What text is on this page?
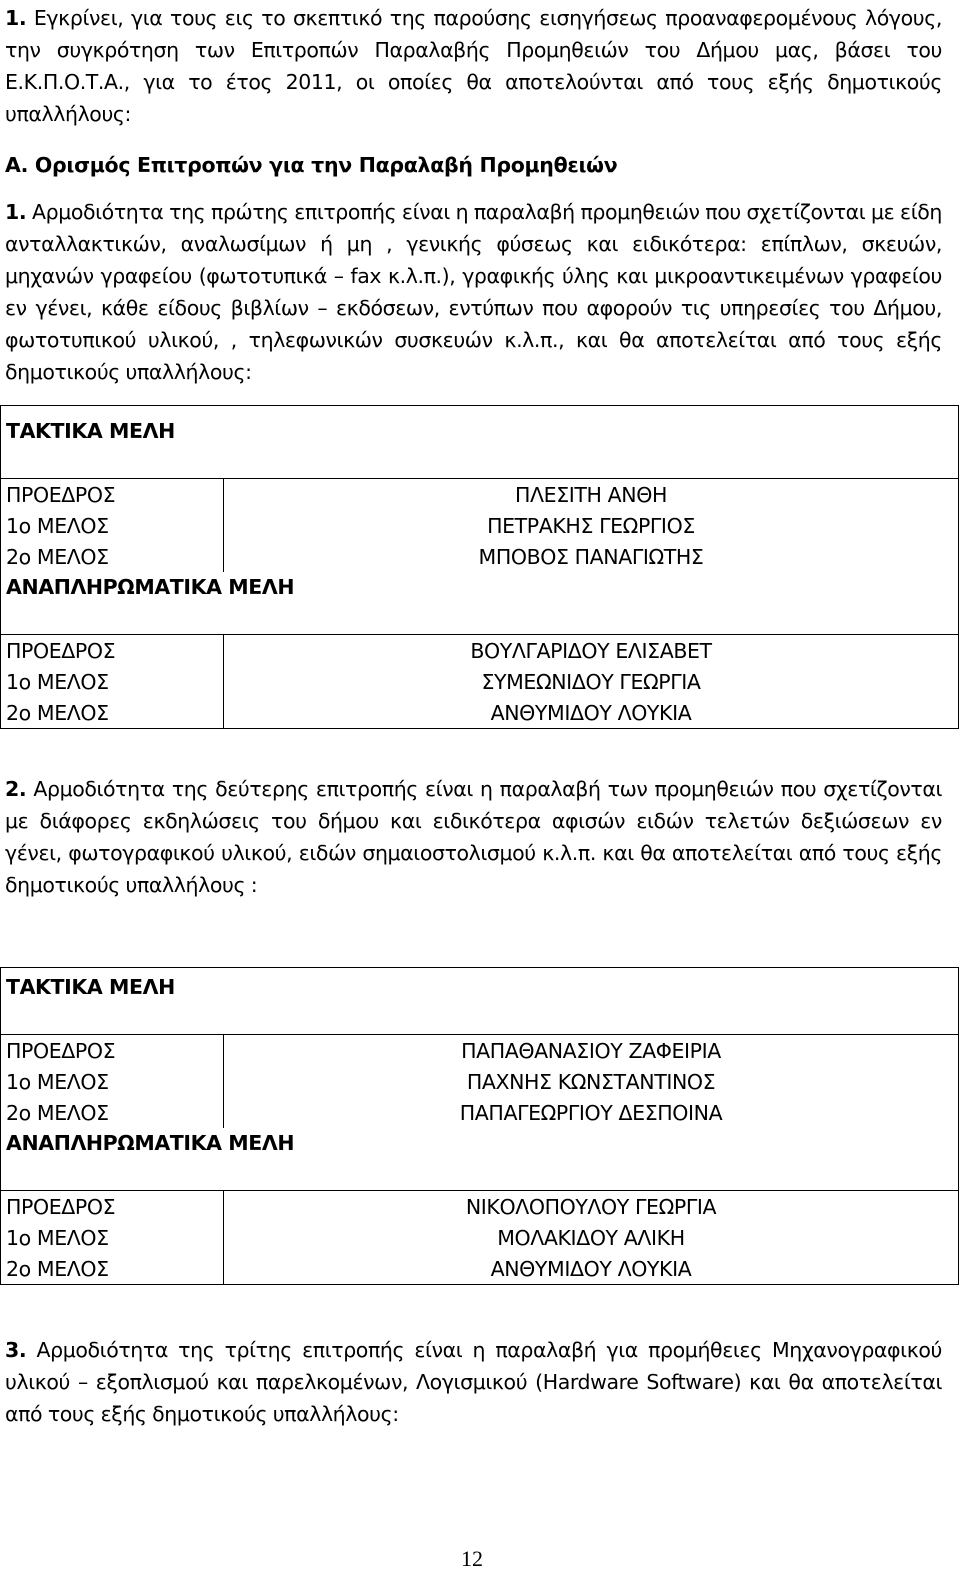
1. Εγκρίνει, για τους εις το σκεπτικό της παρούσης εισηγήσεως προαναφερομένους λόγους, την συγκρότηση των Επιτροπών Παραλαβής Προμηθειών του Δήμου μας, βάσει του Ε.Κ.Π.Ο.Τ.Α., για το έτος 2011, οι οποίες θα αποτελούνται από τους εξής δημοτικούς υπαλλήλους:
Α. Ορισμός Επιτροπών για την Παραλαβή Προμηθειών
1. Αρμοδιότητα της πρώτης επιτροπής είναι η παραλαβή προμηθειών που σχετίζονται με είδη ανταλλακτικών, αναλωσίμων ή μη , γενικής φύσεως και ειδικότερα: επίπλων, σκευών, μηχανών γραφείου (φωτοτυπικά – fax κ.λ.π.), γραφικής ύλης και μικροαντικειμένων γραφείου εν γένει, κάθε είδους βιβλίων – εκδόσεων, εντύπων που αφορούν τις υπηρεσίες του Δήμου, φωτοτυπικού υλικού, , τηλεφωνικών συσκευών κ.λ.π., και θα αποτελείται από τους εξής δημοτικούς υπαλλήλους:
ΤΑΚΤΙΚΑ ΜΕΛΗ	
ΠΡΟΕΔΡΟΣ	ΠΛΕΣΙΤΗ ΑΝΘΗ
1ο ΜΕΛΟΣ	ΠΕΤΡΑΚΗΣ ΓΕΩΡΓΙΟΣ
2ο ΜΕΛΟΣ	ΜΠΟΒΟΣ ΠΑΝΑΓΙΩΤΗΣ
ΑΝΑΠΛΗΡΩΜΑΤΙΚΑ ΜΕΛΗ	
ΠΡΟΕΔΡΟΣ	ΒΟΥΛΓΑΡΙΔΟΥ ΕΛΙΣΑΒΕΤ
1ο ΜΕΛΟΣ	ΣΥΜΕΩΝΙΔΟΥ ΓΕΩΡΓΙΑ
2ο ΜΕΛΟΣ	ΑΝΘΥΜΙΔΟΥ ΛΟΥΚΙΑ
2. Αρμοδιότητα της δεύτερης επιτροπής είναι η παραλαβή των προμηθειών που σχετίζονται με διάφορες εκδηλώσεις του δήμου και ειδικότερα αφισών ειδών τελετών δεξιώσεων εν γένει, φωτογραφικού υλικού, ειδών σημαιοστολισμού κ.λ.π. και θα αποτελείται από τους εξής δημοτικούς υπαλλήλους :
ΤΑΚΤΙΚΑ ΜΕΛΗ	
ΠΡΟΕΔΡΟΣ	ΠΑΠΑΘΑΝΑΣΙΟΥ ΖΑΦΕΙΡΙΑ
1ο ΜΕΛΟΣ	ΠΑΧΝΗΣ ΚΩΝΣΤΑΝΤΙΝΟΣ
2ο ΜΕΛΟΣ	ΠΑΠΑΓΕΩΡΓΙΟΥ ΔΕΣΠΟΙΝΑ
ΑΝΑΠΛΗΡΩΜΑΤΙΚΑ ΜΕΛΗ	
ΠΡΟΕΔΡΟΣ	ΝΙΚΟΛΟΠΟΥΛΟΥ ΓΕΩΡΓΙΑ
1ο ΜΕΛΟΣ	ΜΟΛΑΚΙΔΟΥ ΑΛΙΚΗ
2ο ΜΕΛΟΣ	ΑΝΘΥΜΙΔΟΥ ΛΟΥΚΙΑ
3. Αρμοδιότητα της τρίτης επιτροπής είναι η παραλαβή για προμήθειες Μηχανογραφικού υλικού – εξοπλισμού και παρελκομένων, Λογισμικού (Hardware Software) και θα αποτελείται από τους εξής δημοτικούς υπαλλήλους:
12
